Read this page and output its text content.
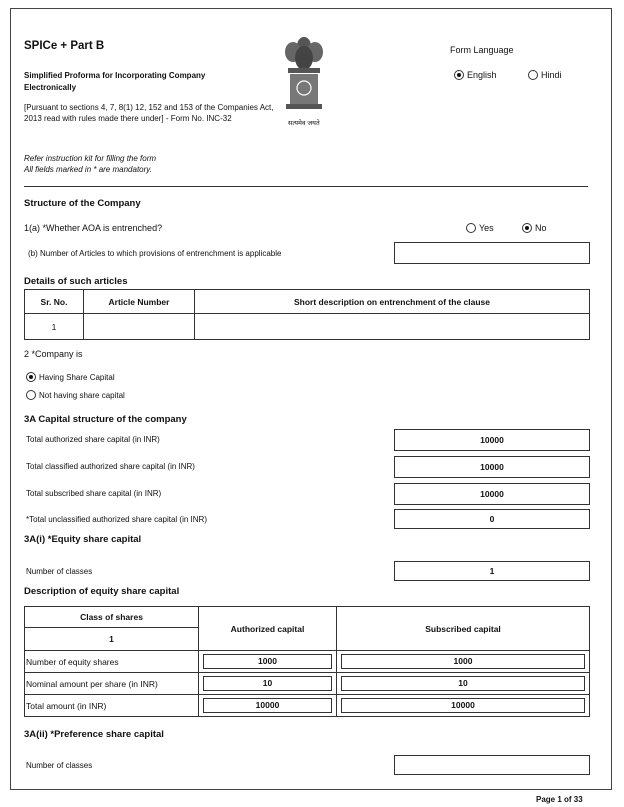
SPICe + Part B
Simplified Proforma for Incorporating Company Electronically
[Pursuant to sections 4, 7, 8(1) 12, 152 and 153 of the Companies Act, 2013 read with rules made there under] - Form No. INC-32
Refer instruction kit for filling the form
All fields marked in * are mandatory.
सत्यमेव जयते
Form Language
English	Hindi
Structure of the Company
1(a) *Whether AOA is entrenched?	Yes	No
(b) Number of Articles to which provisions of entrenchment is applicable
Details of such articles
Sr. No.	Article Number	Short description on entrenchment of the clause
1		
2 *Company is
Having Share Capital
Not having share capital
3A Capital structure of the company
Total authorized share capital (in INR)	10000
Total classified authorized share capital (in INR)	10000
Total subscribed share capital (in INR)	10000
*Total unclassified authorized share capital (in INR)	0
3A(i) *Equity share capital
Number of classes	1
Description of equity share capital
Class of shares	Authorized capital	Subscribed capital
1		
Number of equity shares	1000	1000

Nominal amount per share (in INR)	10	10

Total amount (in INR)	10000	10000
3A(ii) *Preference share capital
Number of classes
Page 1 of 33
